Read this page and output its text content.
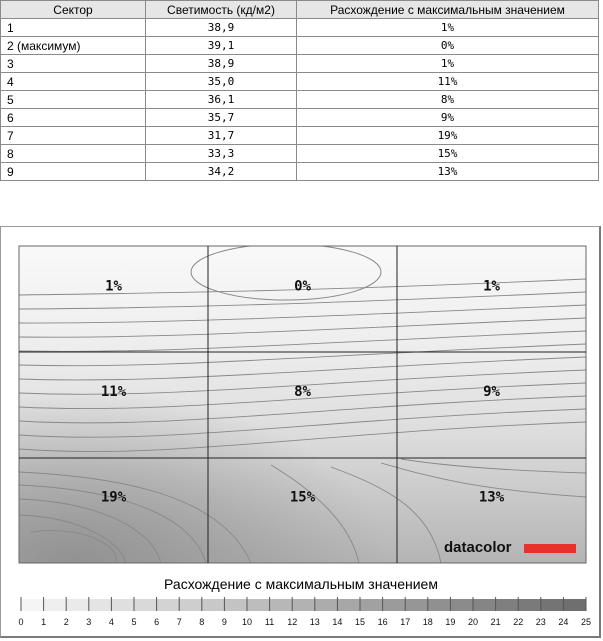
Сектор	Светимость (кд/м2)	Расхождение с максимальным значением
1	38,9	1%
2 (максимум)	39,1	0%
3	38,9	1%
4	35,0	11%
5	36,1	8%
6	35,7	9%
7	31,7	19%
8	33,3	15%
9	34,2	13%
1%	0%	1%
11%	8%	9%
19%	15%	13%
datacolor
Расхождение с максимальным значением
0 1 2 3 4 5 6 7 8 9 10 11 12 13 14 15 16 17 18 19 20 21 22 23 24 25
